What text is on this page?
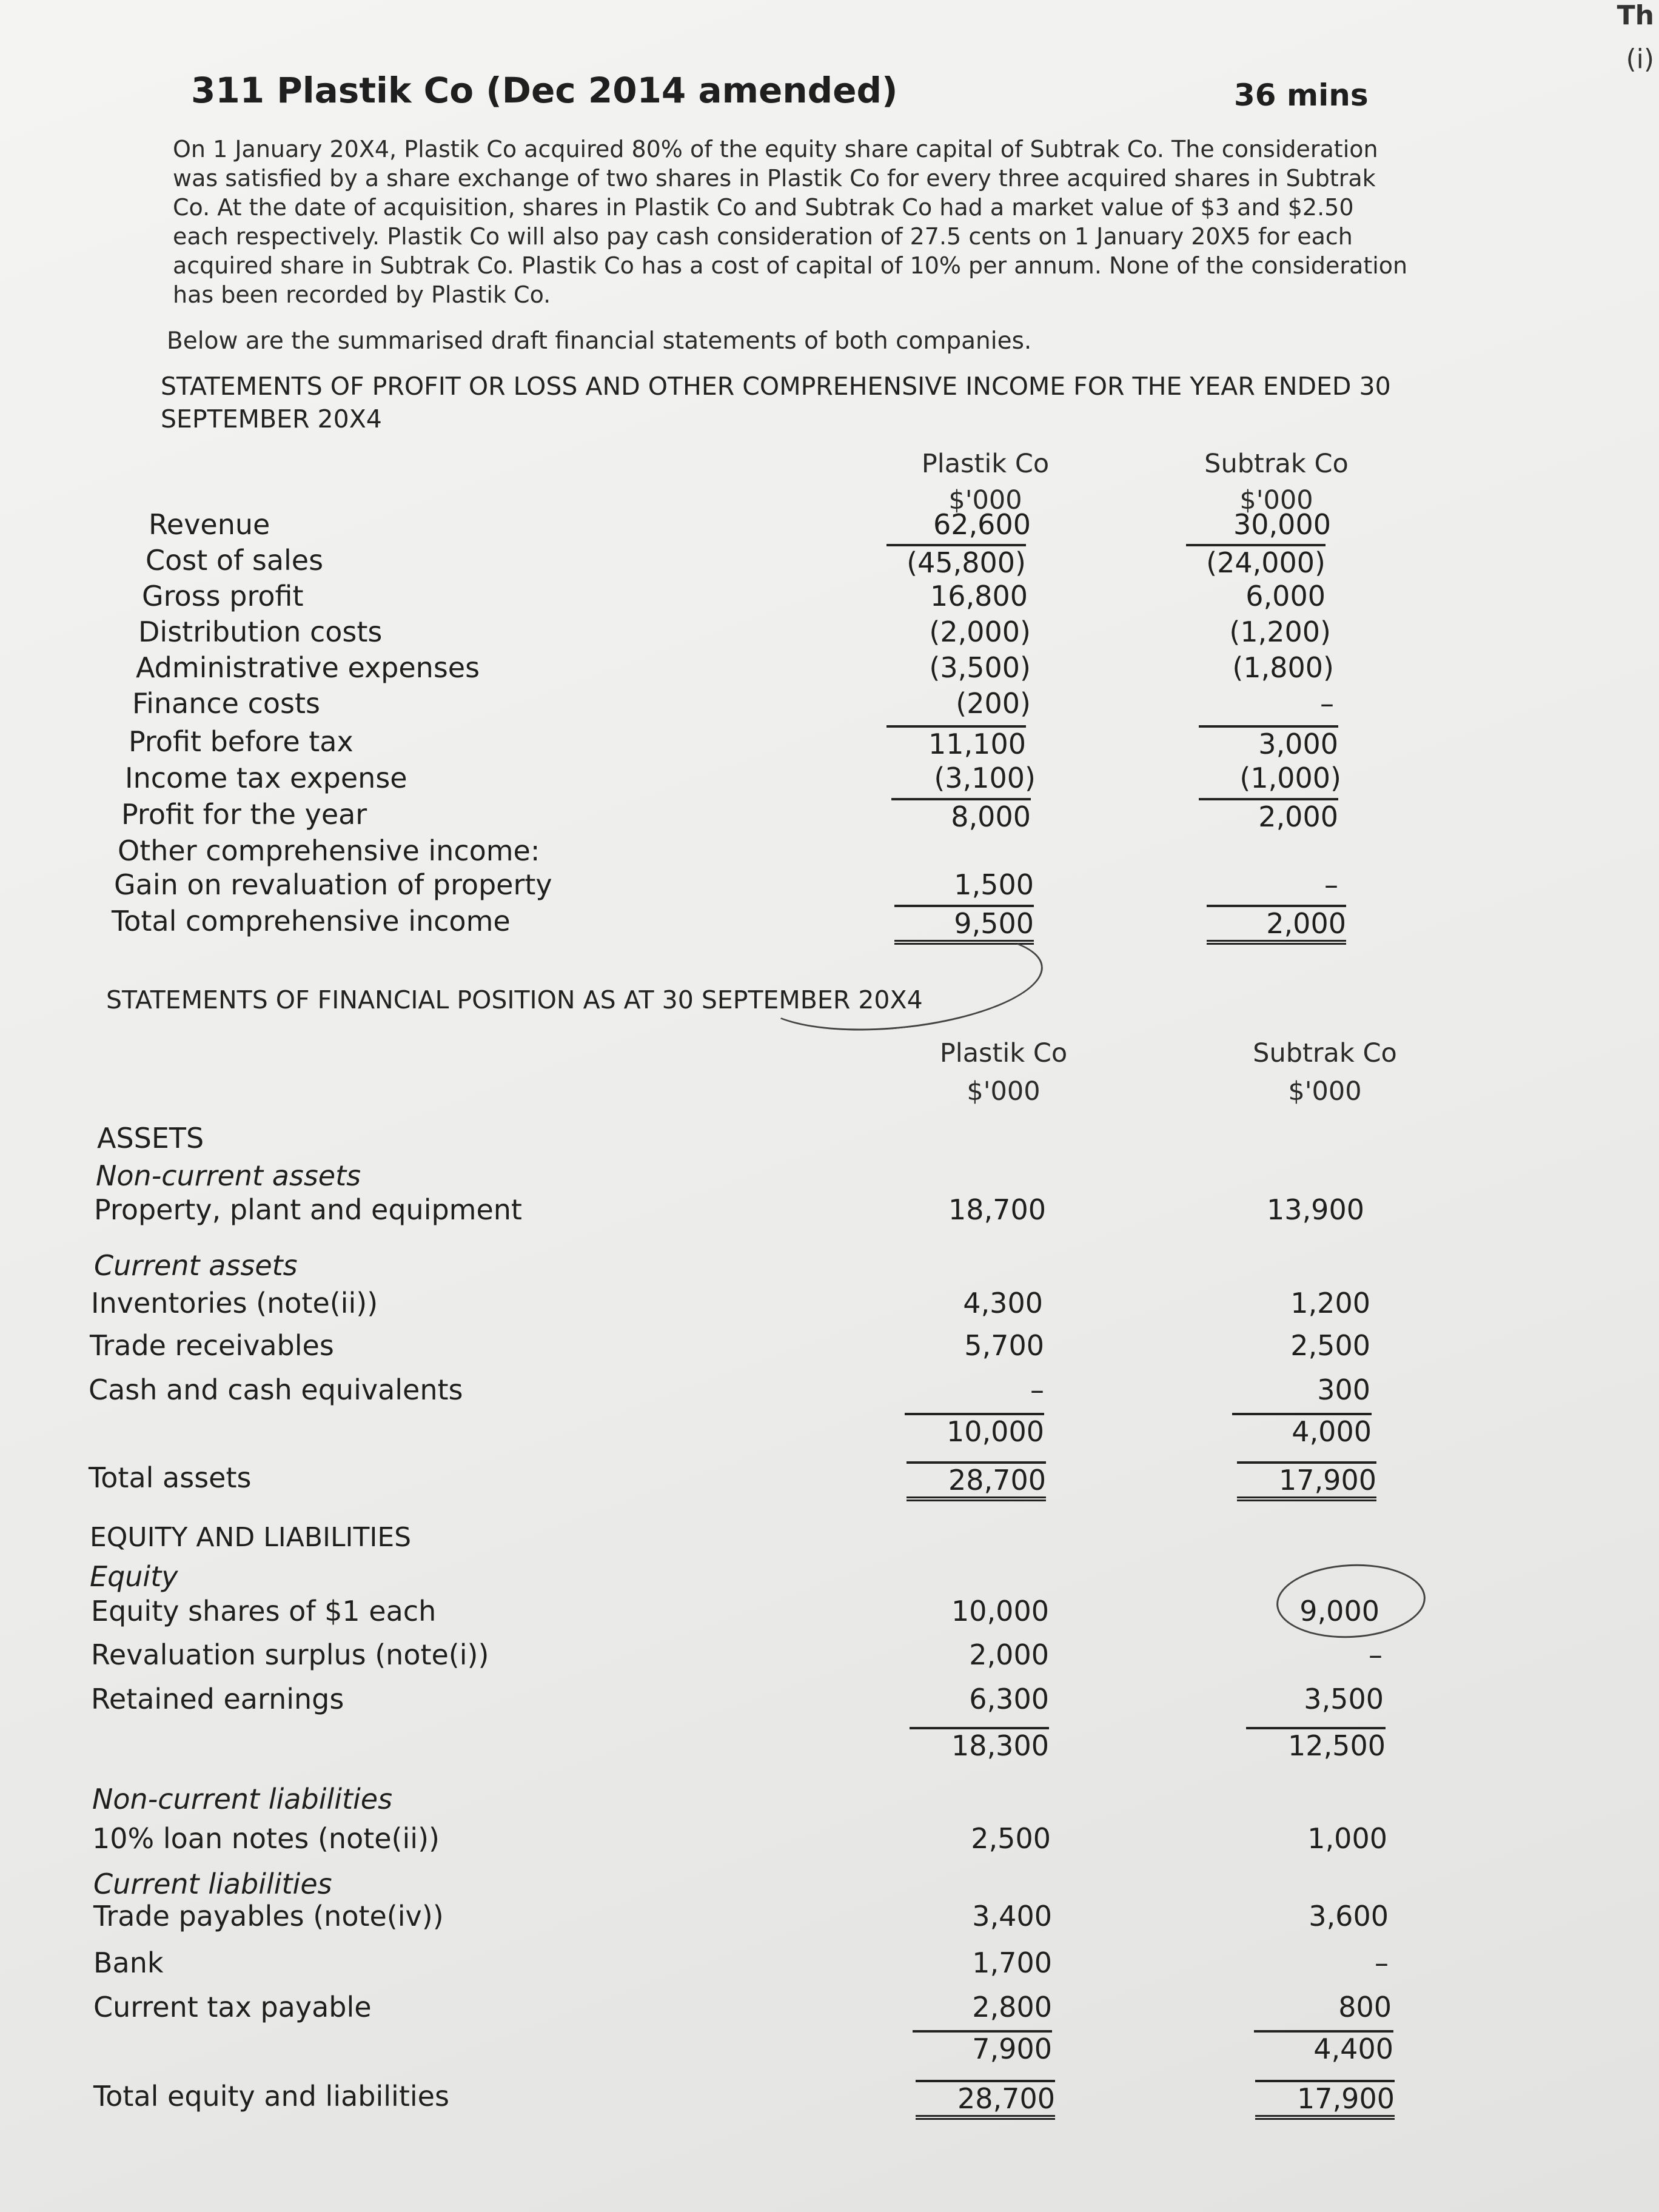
Th
(i)
311 Plastik Co (Dec 2014 amended)	36 mins
On 1 January 20X4, Plastik Co acquired 80% of the equity share capital of Subtrak Co. The consideration was satisfied by a share exchange of two shares in Plastik Co for every three acquired shares in Subtrak Co. At the date of acquisition, shares in Plastik Co and Subtrak Co had a market value of $3 and $2.50 each respectively. Plastik Co will also pay cash consideration of 27.5 cents on 1 January 20X5 for each acquired share in Subtrak Co. Plastik Co has a cost of capital of 10% per annum. None of the consideration has been recorded by Plastik Co.
Below are the summarised draft financial statements of both companies.
STATEMENTS OF PROFIT OR LOSS AND OTHER COMPREHENSIVE INCOME FOR THE YEAR ENDED 30 SEPTEMBER 20X4
Plastik Co	Subtrak Co
$'000	$'000
Revenue	62,600	30,000
Cost of sales	(45,800)	(24,000)
Gross profit	16,800	6,000
Distribution costs	(2,000)	(1,200)
Administrative expenses	(3,500)	(1,800)
Finance costs	(200)	–
Profit before tax	11,100	3,000
Income tax expense	(3,100)	(1,000)
Profit for the year	8,000	2,000
Other comprehensive income:
Gain on revaluation of property	1,500	–
Total comprehensive income	9,500	2,000
STATEMENTS OF FINANCIAL POSITION AS AT 30 SEPTEMBER 20X4
Plastik Co	Subtrak Co
$'000	$'000
ASSETS
Non-current assets
Property, plant and equipment	18,700	13,900
Current assets
Inventories (note(ii))	4,300	1,200
Trade receivables	5,700	2,500
Cash and cash equivalents	–	300
10,000	4,000
Total assets	28,700	17,900
EQUITY AND LIABILITIES
Equity
Equity shares of $1 each	10,000	9,000
Revaluation surplus (note(i))	2,000	–
Retained earnings	6,300	3,500
18,300	12,500
Non-current liabilities
10% loan notes (note(ii))	2,500	1,000
Current liabilities
Trade payables (note(iv))	3,400	3,600
Bank	1,700	–
Current tax payable	2,800	800
7,900	4,400
Total equity and liabilities	28,700	17,900
